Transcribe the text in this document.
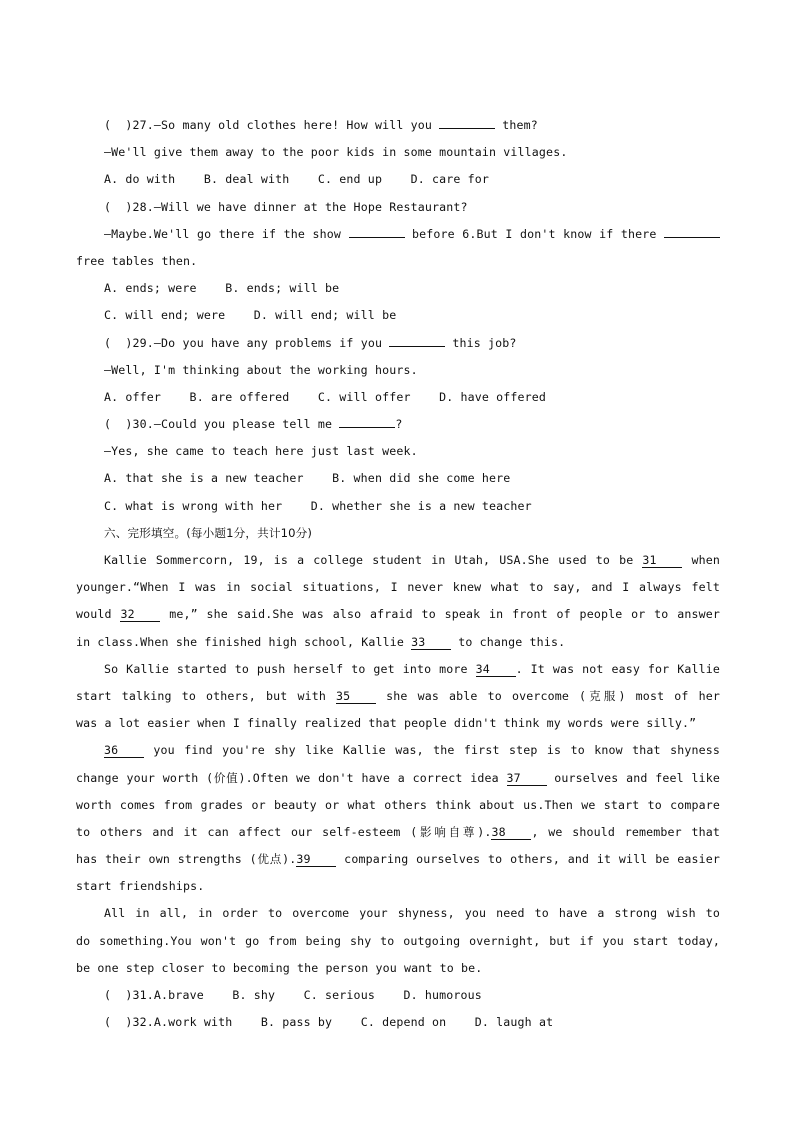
(  )27.—So many old clothes here! How will you	them?
—We'll give them away to the poor kids in some mountain villages.
A. do with    B. deal with    C. end up    D. care for
(  )28.—Will we have dinner at the Hope Restaurant?
—Maybe.We'll go there if the show	before 6.But I don't know if there
free tables then.
A. ends; were    B. ends; will be
C. will end; were    D. will end; will be
(  )29.—Do you have any problems if you	this job?
—Well, I'm thinking about the working hours.
A. offer    B. are offered    C. will offer    D. have offered
(  )30.—Could you please tell me	?
—Yes, she came to teach here just last week.
A. that she is a new teacher    B. when did she come here
C. what is wrong with her    D. whether she is a new teacher
六、完形填空。(每小题1分，共计10分)
Kallie Sommercorn, 19, is a college student in Utah, USA.She used to be 31	when
younger.“When I was in social situations, I never knew what to say, and I always felt
would 32	me,” she said.She was also afraid to speak in front of people or to answer
in class.When she finished high school, Kallie 33 to change this.
So Kallie started to push herself to get into more 34 . It was not easy for Kallie
start talking to others, but with 35	she was able to overcome (克服) most of her
was a lot easier when I finally realized that people didn't think my words were silly.”
36	you find you're shy like Kallie was, the first step is to know that shyness
change your worth (价值).Often we don't have a correct idea 37	ourselves and feel like
worth comes from grades or beauty or what others think about us.Then we start to compare
to others and it can affect our self-esteem (影响自尊).38 , we should remember that
has their own strengths (优点).39	comparing ourselves to others, and it will be easier
start friendships.
All in all, in order to overcome your shyness, you need to have a strong wish to
do something.You won't go from being shy to outgoing overnight, but if you start today,
be one step closer to becoming the person you want to be.
(  )31.A.brave    B. shy    C. serious    D. humorous
(  )32.A.work with    B. pass by    C. depend on    D. laugh at
